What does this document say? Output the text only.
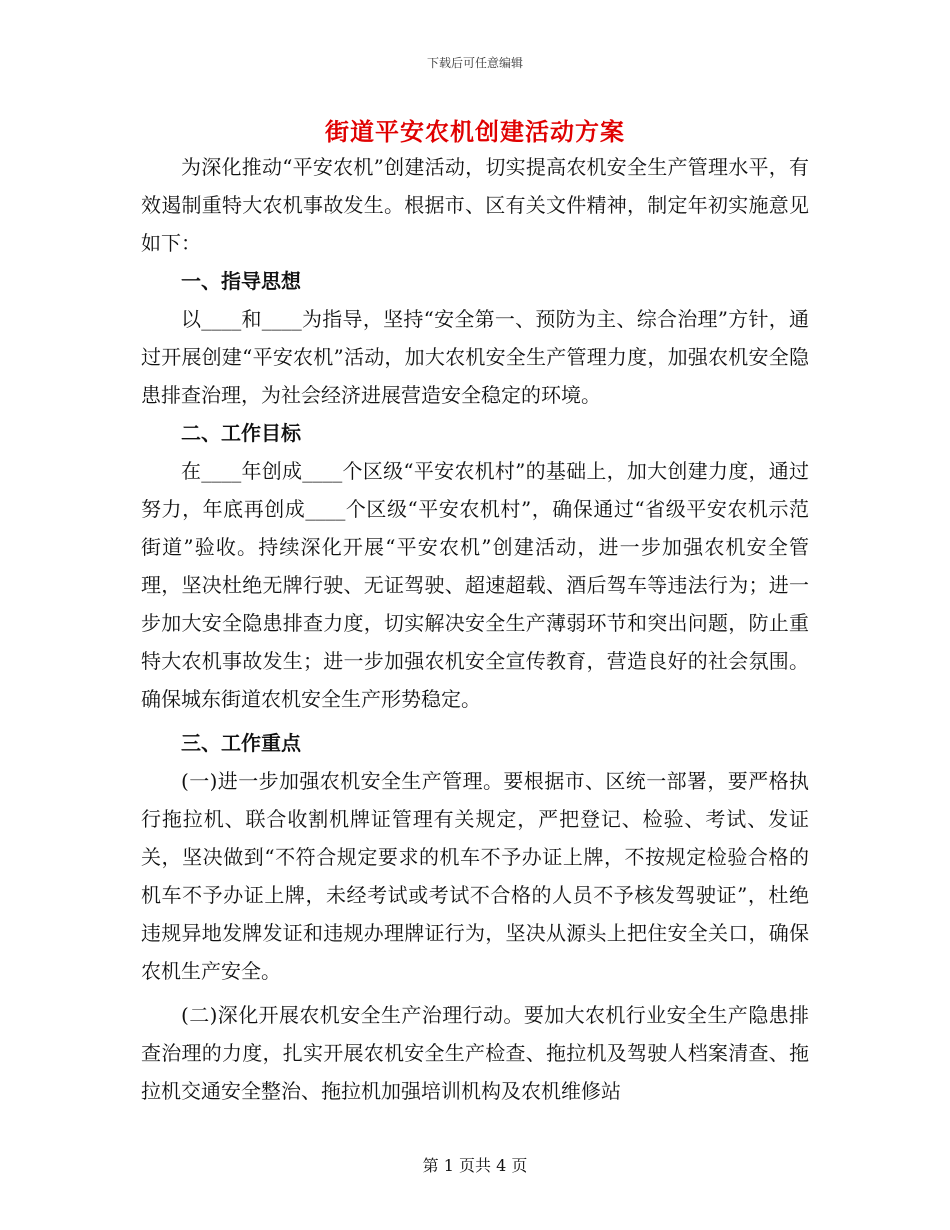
下载后可任意编辑
街道平安农机创建活动方案

为深化推动“平安农机”创建活动，切实提高农机安全生产管理水平，有效遏制重特大农机事故发生。根据市、区有关文件精神，制定年初实施意见如下：

一、指导思想

以____和____为指导，坚持“安全第一、预防为主、综合治理”方针，通过开展创建“平安农机”活动，加大农机安全生产管理力度，加强农机安全隐患排查治理，为社会经济进展营造安全稳定的环境。

二、工作目标

在____年创成____个区级“平安农机村”的基础上，加大创建力度，通过努力，年底再创成____个区级“平安农机村”，确保通过“省级平安农机示范街道”验收。持续深化开展“平安农机”创建活动，进一步加强农机安全管理，坚决杜绝无牌行驶、无证驾驶、超速超载、酒后驾车等违法行为；进一步加大安全隐患排查力度，切实解决安全生产薄弱环节和突出问题，防止重特大农机事故发生；进一步加强农机安全宣传教育，营造良好的社会氛围。确保城东街道农机安全生产形势稳定。

三、工作重点

(一)进一步加强农机安全生产管理。要根据市、区统一部署，要严格执行拖拉机、联合收割机牌证管理有关规定，严把登记、检验、考试、发证关，坚决做到“不符合规定要求的机车不予办证上牌，不按规定检验合格的机车不予办证上牌，未经考试或考试不合格的人员不予核发驾驶证”，杜绝违规异地发牌发证和违规办理牌证行为，坚决从源头上把住安全关口，确保农机生产安全。

(二)深化开展农机安全生产治理行动。要加大农机行业安全生产隐患排查治理的力度，扎实开展农机安全生产检查、拖拉机及驾驶人档案清查、拖拉机交通安全整治、拖拉机加强培训机构及农机维修站

第 1 页共 4 页
